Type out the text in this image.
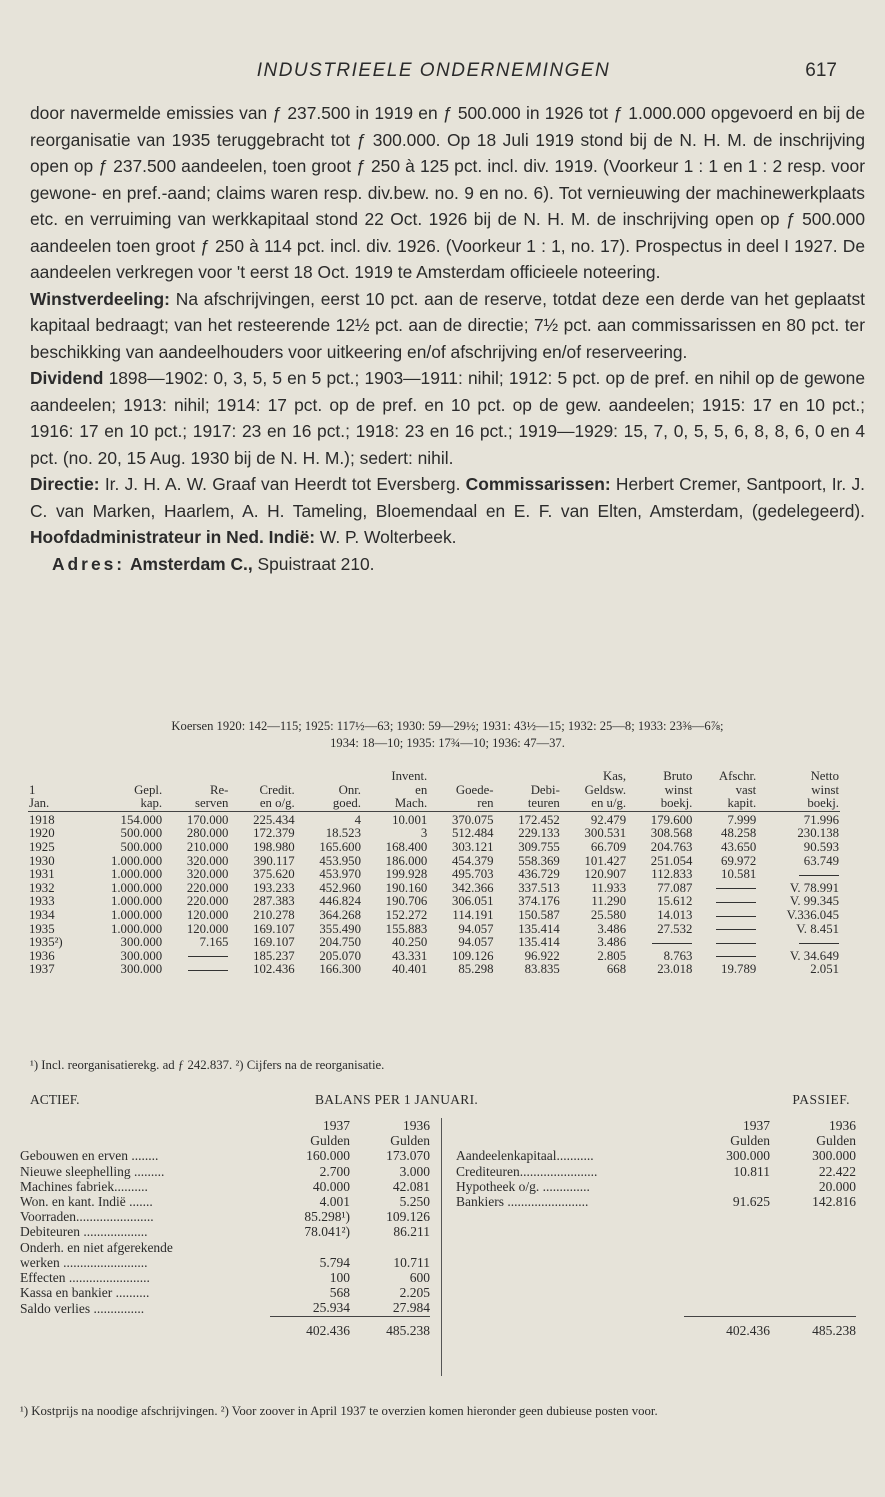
INDUSTRIEELE ONDERNEMINGEN	617

door navermelde emissies van ƒ 237.500 in 1919 en ƒ 500.000 in 1926 tot ƒ 1.000.000 opgevoerd en bij de reorganisatie van 1935 teruggebracht tot ƒ 300.000. Op 18 Juli 1919 stond bij de N. H. M. de inschrijving open op ƒ 237.500 aandeelen, toen groot ƒ 250 à 125 pct. incl. div. 1919. (Voorkeur 1 : 1 en 1 : 2 resp. voor gewone- en pref.-aand; claims waren resp. div.bew. no. 9 en no. 6). Tot vernieuwing der machinewerkplaats etc. en verruiming van werkkapitaal stond 22 Oct. 1926 bij de N. H. M. de inschrijving open op ƒ 500.000 aandeelen toen groot ƒ 250 à 114 pct. incl. div. 1926. (Voorkeur 1 : 1, no. 17). Prospectus in deel I 1927. De aandeelen verkregen voor 't eerst 18 Oct. 1919 te Amsterdam officieele noteering.

Winstverdeeling: Na afschrijvingen, eerst 10 pct. aan de reserve, totdat deze een derde van het geplaatst kapitaal bedraagt; van het resteerende 12½ pct. aan de directie; 7½ pct. aan commissarissen en 80 pct. ter beschikking van aandeelhouders voor uitkeering en/of afschrijving en/of reserveering.

Dividend 1898—1902: 0, 3, 5, 5 en 5 pct.; 1903—1911: nihil; 1912: 5 pct. op de pref. en nihil op de gewone aandeelen; 1913: nihil; 1914: 17 pct. op de pref. en 10 pct. op de gew. aandeelen; 1915: 17 en 10 pct.; 1916: 17 en 10 pct.; 1917: 23 en 16 pct.; 1918: 23 en 16 pct.; 1919—1929: 15, 7, 0, 5, 5, 6, 8, 8, 6, 0 en 4 pct. (no. 20, 15 Aug. 1930 bij de N. H. M.); sedert: nihil.

Directie: Ir. J. H. A. W. Graaf van Heerdt tot Eversberg. Commissarissen: Herbert Cremer, Santpoort, Ir. J. C. van Marken, Haarlem, A. H. Tameling, Bloemendaal en E. F. van Elten, Amsterdam, (gedelegeerd). Hoofdadministrateur in Ned. Indië: W. P. Wolterbeek.

Adres: Amsterdam C., Spuistraat 210.

Koersen 1920: 142—115; 1925: 117½—63; 1930: 59—29½; 1931: 43½—15; 1932: 25—8; 1933: 23⅜—6⅞;
1934: 18—10; 1935: 17¾—10; 1936: 47—37.
					Invent.			Kas,	Bruto	Afschr.	Netto
1	Gepl.	Re-	Credit.	Onr.	en	Goede-	Debi-	Geldsw.	winst	vast	winst
Jan.	kap.	serven	en o/g.	goed.	Mach.	ren	teuren	en u/g.	boekj.	kapit.	boekj.
1918	154.000	170.000	225.434	4	10.001	370.075	172.452	92.479	179.600	7.999	71.996
1920	500.000	280.000	172.379	18.523	3	512.484	229.133	300.531	308.568	48.258	230.138
1925	500.000	210.000	198.980	165.600	168.400	303.121	309.755	66.709	204.763	43.650	90.593
1930	1.000.000	320.000	390.117	453.950	186.000	454.379	558.369	101.427	251.054	69.972	63.749
1931	1.000.000	320.000	375.620	453.970	199.928	495.703	436.729	120.907	112.833	10.581	
1932	1.000.000	220.000	193.233	452.960	190.160	342.366	337.513	11.933	77.087		V. 78.991
1933	1.000.000	220.000	287.383	446.824	190.706	306.051	374.176	11.290	15.612		V. 99.345
1934	1.000.000	120.000	210.278	364.268	152.272	114.191	150.587	25.580	14.013		V.336.045
1935	1.000.000	120.000	169.107	355.490	155.883	94.057	135.414	3.486	27.532		V. 8.451
1935²)	300.000	7.165	169.107	204.750	40.250	94.057	135.414	3.486			
1936	300.000		185.237	205.070	43.331	109.126	96.922	2.805	8.763		V. 34.649
1937	300.000		102.436	166.300	40.401	85.298	83.835	668	23.018	19.789	2.051
¹) Incl. reorganisatierekg. ad ƒ 242.837. ²) Cijfers na de reorganisatie.
ACTIEF.	BALANS PER 1 JANUARI.	PASSIEF.
	1937	1936
	Gulden	Gulden
Gebouwen en erven ........	160.000	173.070
Nieuwe sleephelling .........	2.700	3.000
Machines fabriek..........	40.000	42.081
Won. en kant. Indië .......	4.001	5.250
Voorraden.......................	85.298¹)	109.126
Debiteuren ...................	78.041²)	86.211
Onderh. en niet afgerekende		
werken .........................	5.794	10.711
Effecten ........................	100	600
Kassa en bankier ..........	568	2.205
Saldo verlies ...............	25.934	27.984
	402.436	485.238
	1937	1936
	Gulden	Gulden
Aandeelenkapitaal...........	300.000	300.000
Crediteuren.......................	10.811	22.422
Hypotheek o/g. ..............		20.000
Bankiers ........................	91.625	142.816

	402.436	485.238
¹) Kostprijs na noodige afschrijvingen. ²) Voor zoover in April 1937 te overzien komen hieronder geen dubieuse posten voor.
